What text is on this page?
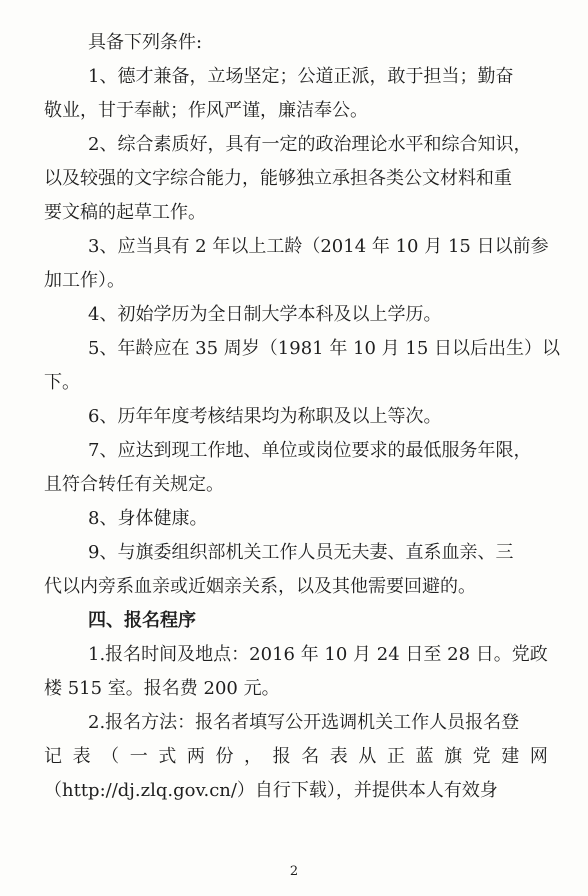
具备下列条件:
1、德才兼备，立场坚定；公道正派，敢于担当；勤奋
敬业，甘于奉献；作风严谨，廉洁奉公。
2、综合素质好，具有一定的政治理论水平和综合知识，
以及较强的文字综合能力，能够独立承担各类公文材料和重
要文稿的起草工作。
3、应当具有 2 年以上工龄（2014 年 10 月 15 日以前参
加工作）。
4、初始学历为全日制大学本科及以上学历。
5、年龄应在 35 周岁（1981 年 10 月 15 日以后出生）以
下。
6、历年年度考核结果均为称职及以上等次。
7、应达到现工作地、单位或岗位要求的最低服务年限，
且符合转任有关规定。
8、身体健康。
9、与旗委组织部机关工作人员无夫妻、直系血亲、三
代以内旁系血亲或近姻亲关系，以及其他需要回避的。
四、报名程序
1.报名时间及地点：2016 年 10 月 24 日至 28 日。党政
楼 515 室。报名费 200 元。
2.报名方法：报名者填写公开选调机关工作人员报名登
记 表 （ 一 式 两 份 ， 报 名 表 从 正 蓝 旗 党 建 网
（http://dj.zlq.gov.cn/）自行下载），并提供本人有效身
2
